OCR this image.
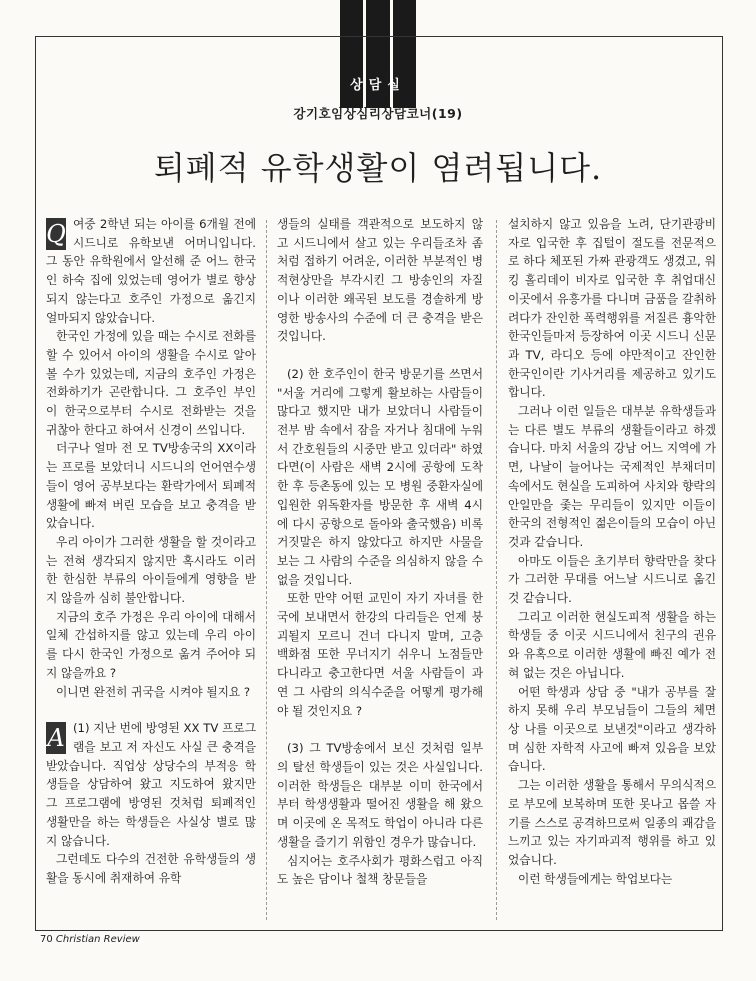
상담실
강기호임상심리상담코너(19)
퇴폐적 유학생활이 염려됩니다.
Q 여중 2학년 되는 아이를 6개월 전에 시드니로 유학보낸 어머니입니다. 그 동안 유학원에서 알선해 준 어느 한국인 하숙 집에 있었는데 영어가 별로 향상되지 않는다고 호주인 가정으로 옮긴지 얼마되지 않았습니다.

한국인 가정에 있을 때는 수시로 전화를 할 수 있어서 아이의 생활을 수시로 알아 볼 수가 있었는데, 지금의 호주인 가정은 전화하기가 곤란합니다. 그 호주인 부인이 한국으로부터 수시로 전화받는 것을 귀찮아 한다고 하여서 신경이 쓰입니다.

더구나 얼마 전 모 TV방송국의 XX이라는 프로를 보았더니 시드니의 언어연수생들이 영어 공부보다는 환락가에서 퇴폐적 생활에 빠져 버린 모습을 보고 충격을 받았습니다.

우리 아이가 그러한 생활을 할 것이라고는 전혀 생각되지 않지만 혹시라도 이러한 한심한 부류의 아이들에게 영향을 받지 않을까 심히 불안합니다.

지금의 호주 가정은 우리 아이에 대해서 일체 간섭하지를 않고 있는데 우리 아이를 다시 한국인 가정으로 옮겨 주어야 되지 않을까요 ?

이니면 완전히 귀국을 시켜야 될지요 ?

A (1) 지난 번에 방영된 XX TV 프로그램을 보고 저 자신도 사실 큰 충격을 받았습니다. 직업상 상당수의 부적응 학생들을 상담하여 왔고 지도하여 왔지만 그 프로그램에 방영된 것처럼 퇴폐적인 생활만을 하는 학생들은 사실상 별로 많지 않습니다.

그런데도 다수의 건전한 유학생들의 생활을 동시에 취재하여 유학

생들의 실태를 객관적으로 보도하지 않고 시드니에서 살고 있는 우리들조차 좀처럼 접하기 어려운, 이러한 부분적인 병적현상만을 부각시킨 그 방송인의 자질이나 이러한 왜곡된 보도를 경솔하게 방영한 방송사의 수준에 더 큰 충격을 받은 것입니다.

(2) 한 호주인이 한국 방문기를 쓰면서 "서울 거리에 그렇게 활보하는 사람들이 많다고 했지만 내가 보았더니 사람들이 전부 밤 속에서 잠을 자거나 침대에 누워서 간호원들의 시중만 받고 있더라" 하였다면(이 사람은 새벽 2시에 공항에 도착한 후 등촌동에 있는 모 병원 중환자실에 입원한 위독환자를 방문한 후 새벽 4시에 다시 공항으로 돌아와 출국했음) 비록 거짓말은 하지 않았다고 하지만 사물을 보는 그 사람의 수준을 의심하지 않을 수 없을 것입니다.

또한 만약 어떤 교민이 자기 자녀를 한국에 보내면서 한강의 다리들은 언제 붕괴될지 모르니 건너 다니지 말며, 고층 백화점 또한 무너지기 쉬우니 노점들만 다니라고 충고한다면 서울 사람들이 과연 그 사람의 의식수준을 어떻게 평가해야 될 것인지요 ?

(3) 그 TV방송에서 보신 것처럼 일부의 탈선 학생들이 있는 것은 사실입니다. 이러한 학생들은 대부분 이미 한국에서부터 학생생활과 떨어진 생활을 해 왔으며 이곳에 온 목적도 학업이 아니라 다른 생활을 즐기기 위함인 경우가 많습니다.

심지어는 호주사회가 평화스럽고 아직도 높은 담이나 철책 창문들을

설치하지 않고 있음을 노려, 단기관광비자로 입국한 후 집털이 절도를 전문적으로 하다 체포된 가짜 관광객도 생겼고, 워킹 홀리데이 비자로 입국한 후 취업대신 이곳에서 유흥가를 다니며 금품을 갈취하려다가 잔인한 폭력행위를 저질른 흉악한 한국인들마저 등장하여 이곳 시드니 신문과 TV, 라디오 등에 야만적이고 잔인한 한국인이란 기사거리를 제공하고 있기도 합니다.

그러나 이런 일들은 대부분 유학생들과는 다른 별도 부류의 생활들이라고 하겠습니다. 마치 서울의 강남 어느 지역에 가면, 나날이 늘어나는 국제적인 부채더미 속에서도 현실을 도피하여 사치와 향락의 안일만을 좇는 무리들이 있지만 이들이 한국의 전형적인 젊은이들의 모습이 아닌 것과 같습니다.

아마도 이들은 초기부터 향락만을 찾다가 그러한 무대를 어느날 시드니로 옮긴 것 같습니다.

그리고 이러한 현실도피적 생활을 하는 학생들 중 이곳 시드니에서 친구의 권유와 유혹으로 이러한 생활에 빠진 예가 전혀 없는 것은 아닙니다.

어떤 학생과 상담 중 "내가 공부를 잘 하지 못해 우리 부모님들이 그들의 체면상 나를 이곳으로 보낸것"이라고 생각하며 심한 자학적 사고에 빠져 있음을 보았습니다.

그는 이러한 생활을 통해서 무의식적으로 부모에 보복하며 또한 못나고 몹쓸 자기를 스스로 공격하므로써 일종의 쾌감을 느끼고 있는 자기파괴적 행위를 하고 있었습니다.

이런 학생들에게는 학업보다는

70 Christian Review
